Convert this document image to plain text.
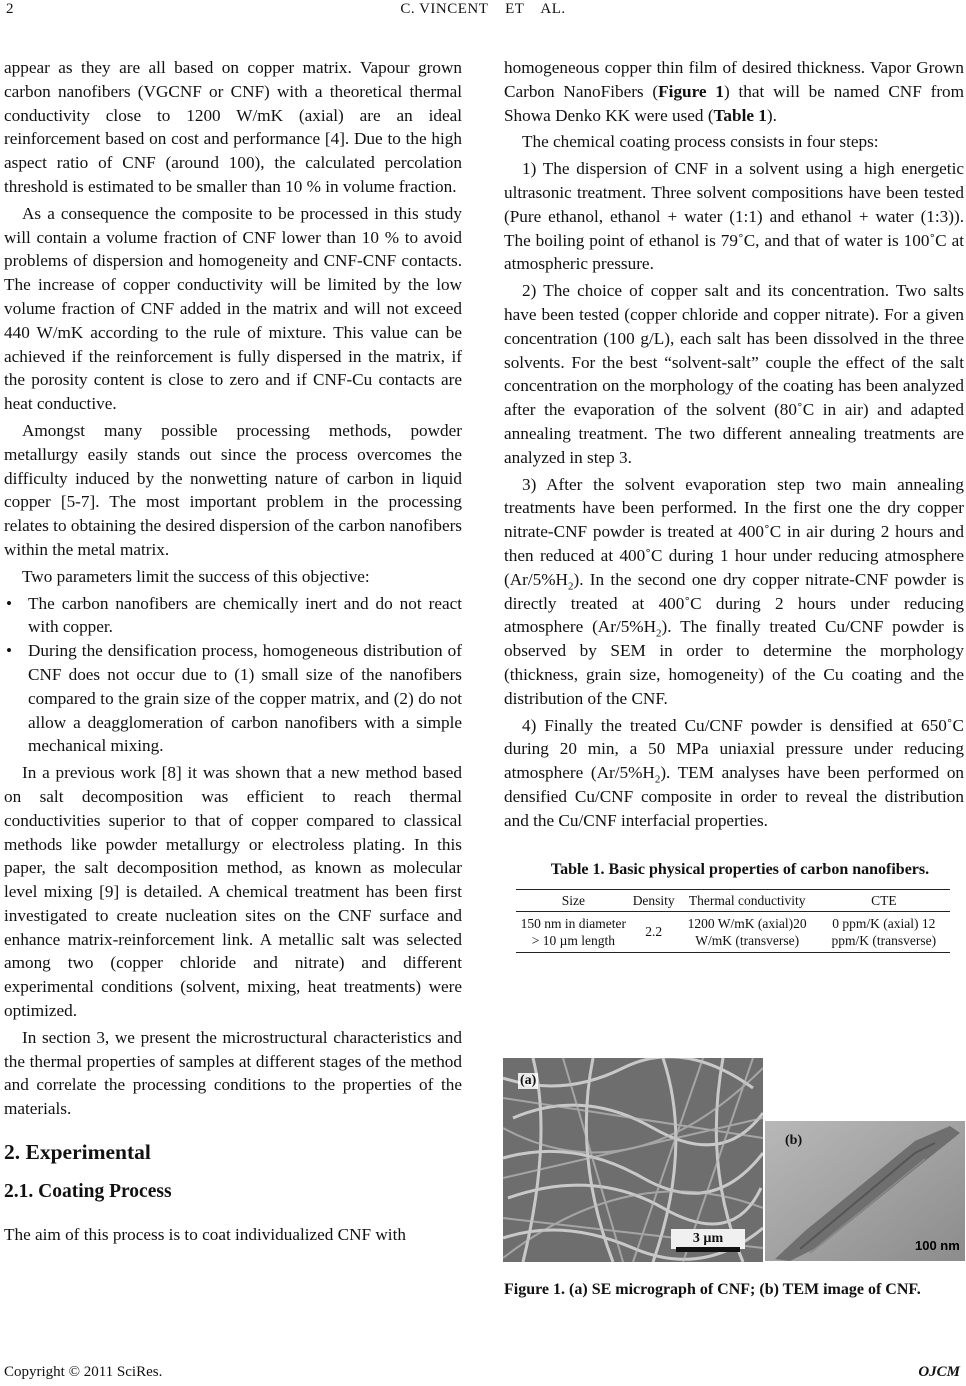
2	C. VINCENT    ET    AL.

appear as they are all based on copper matrix. Vapour grown carbon nanofibers (VGCNF or CNF) with a theoretical thermal conductivity close to 1200 W/mK (axial) are an ideal reinforcement based on cost and performance [4]. Due to the high aspect ratio of CNF (around 100), the calculated percolation threshold is estimated to be smaller than 10 % in volume fraction.

As a consequence the composite to be processed in this study will contain a volume fraction of CNF lower than 10 % to avoid problems of dispersion and homogeneity and CNF-CNF contacts. The increase of copper conductivity will be limited by the low volume fraction of CNF added in the matrix and will not exceed 440 W/mK according to the rule of mixture. This value can be achieved if the reinforcement is fully dispersed in the matrix, if the porosity content is close to zero and if CNF-Cu contacts are heat conductive.

Amongst many possible processing methods, powder metallurgy easily stands out since the process overcomes the difficulty induced by the nonwetting nature of carbon in liquid copper [5-7]. The most important problem in the processing relates to obtaining the desired dispersion of the carbon nanofibers within the metal matrix.

Two parameters limit the success of this objective:

• The carbon nanofibers are chemically inert and do not react with copper.
• During the densification process, homogeneous distribution of CNF does not occur due to (1) small size of the nanofibers compared to the grain size of the copper matrix, and (2) do not allow a deagglomeration of carbon nanofibers with a simple mechanical mixing.

In a previous work [8] it was shown that a new method based on salt decomposition was efficient to reach thermal conductivities superior to that of copper compared to classical methods like powder metallurgy or electroless plating. In this paper, the salt decomposition method, as known as molecular level mixing [9] is detailed. A chemical treatment has been first investigated to create nucleation sites on the CNF surface and enhance matrix-reinforcement link. A metallic salt was selected among two (copper chloride and nitrate) and different experimental conditions (solvent, mixing, heat treatments) were optimized.

In section 3, we present the microstructural characteristics and the thermal properties of samples at different stages of the method and correlate the processing conditions to the properties of the materials.

2. Experimental
2.1. Coating Process

The aim of this process is to coat individualized CNF with

homogeneous copper thin film of desired thickness. Vapor Grown Carbon NanoFibers (Figure 1) that will be named CNF from Showa Denko KK were used (Table 1).

The chemical coating process consists in four steps:

1) The dispersion of CNF in a solvent using a high energetic ultrasonic treatment. Three solvent compositions have been tested (Pure ethanol, ethanol + water (1:1) and ethanol + water (1:3)). The boiling point of ethanol is 79˚C, and that of water is 100˚C at atmospheric pressure.

2) The choice of copper salt and its concentration. Two salts have been tested (copper chloride and copper nitrate). For a given concentration (100 g/L), each salt has been dissolved in the three solvents. For the best “solvent-salt” couple the effect of the salt concentration on the morphology of the coating has been analyzed after the evaporation of the solvent (80˚C in air) and adapted annealing treatment. The two different annealing treatments are analyzed in step 3.

3) After the solvent evaporation step two main annealing treatments have been performed. In the first one the dry copper nitrate-CNF powder is treated at 400˚C in air during 2 hours and then reduced at 400˚C during 1 hour under reducing atmosphere $(Ar/5\%H_2)$. In the second one dry copper nitrate-CNF powder is directly treated at 400˚C during 2 hours under reducing atmosphere $(Ar/5\%H_2)$. The finally treated Cu/CNF powder is observed by SEM in order to determine the morphology (thickness, grain size, homogeneity) of the Cu coating and the distribution of the CNF.

4) Finally the treated Cu/CNF powder is densified at 650˚C during 20 min, a 50 MPa uniaxial pressure under reducing atmosphere $(Ar/5\%H_2)$. TEM analyses have been performed on densified Cu/CNF composite in order to reveal the distribution and the Cu/CNF interfacial properties.

Table 1. Basic physical properties of carbon nanofibers.
Size	Density	Thermal conductivity	CTE
150 nm in diameter > 10 µm length	2.2	1200 W/mK (axial)20 W/mK (transverse)	0 ppm/K (axial) 12 ppm/K (transverse)
(a)
3 µm
(b)
100 nm
Figure 1. (a) SE micrograph of CNF; (b) TEM image of CNF.
Copyright © 2011 SciRes.	OJCM
